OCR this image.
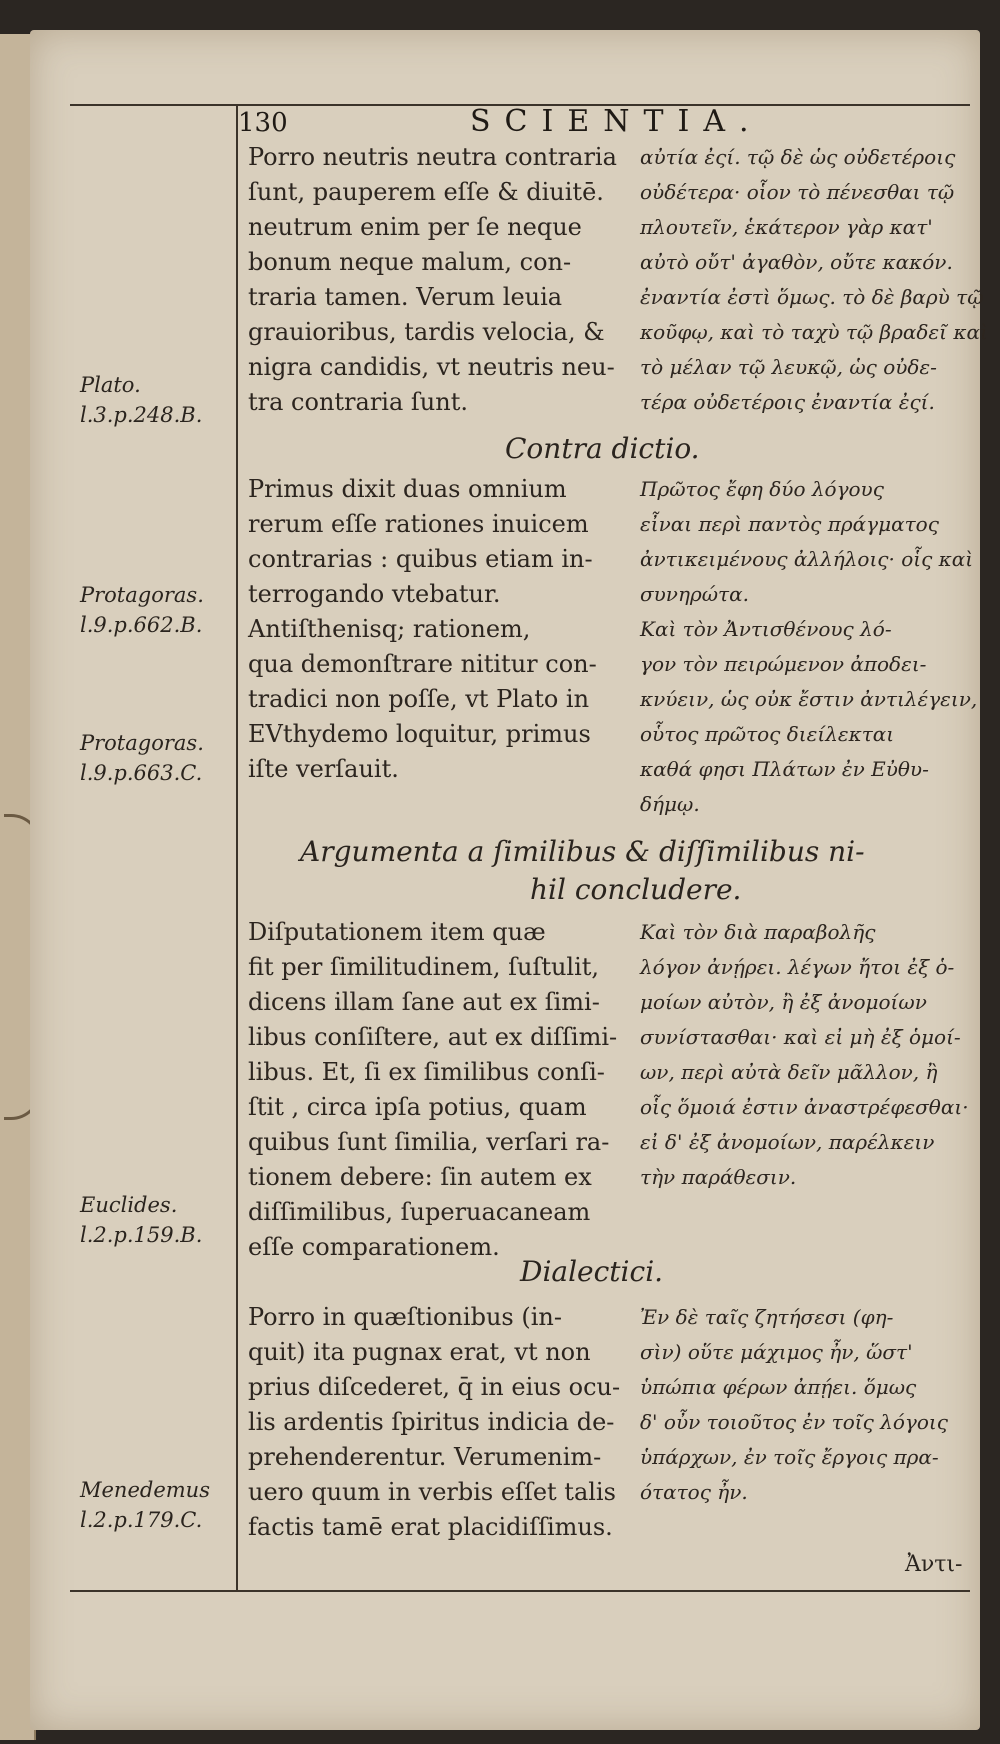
130	SCIENTIA.
Porro neutris neutra contraria
ſunt, pauperem eſſe & diuitē.
neutrum enim per ſe neque
bonum neque malum, con-
traria tamen. Verum leuia
grauioribus, tardis velocia, &
nigra candidis, vt neutris neu-
tra contraria ſunt.
αὐτία ἐςί. τῷ δὲ ὡς οὐδετέροις
οὐδέτερα· οἷον τὸ πένεσθαι τῷ
πλουτεῖν, ἑκάτερον γὰρ κατ'
αὐτὸ οὔτ' ἀγαθὸν, οὔτε κακόν.
ἐναντία ἐστὶ ὅμως. τὸ δὲ βαρὺ τῷ
κοῦφῳ, καὶ τὸ ταχὺ τῷ βραδεῖ καὶ
τὸ μέλαν τῷ λευκῷ, ὡς οὐδε-
τέρα οὐδετέροις ἐναντία ἐςί.
Plato.
l.3.p.248.B.
Contra dictio.
Primus dixit duas omnium
rerum eſſe rationes inuicem
contrarias : quibus etiam in-
terrogando vtebatur.
Antiſthenisq; rationem,
qua demonſtrare nititur con-
tradici non poſſe, vt Plato in
EVthydemo loquitur, primus
iſte verſauit.
Πρῶτος ἔφη δύο λόγους
εἶναι περὶ παντὸς πράγματος
ἀντικειμένους ἀλλήλοις· οἷς καὶ
συνηρώτα.
Καὶ τὸν Ἀντισθένους λό-
γον τὸν πειρώμενον ἀποδει-
κνύειν, ὡς οὐκ ἔστιν ἀντιλέγειν,
οὗτος πρῶτος διείλεκται
καθά φησι Πλάτων ἐν Εὐθυ-
δήμῳ.
Protagoras.
l.9.p.662.B.
Protagoras.
l.9.p.663.C.
Argumenta a ſimilibus & diſſimilibus ni-
hil concludere.
Diſputationem item quæ
fit per ſimilitudinem, ſuſtulit,
dicens illam ſane aut ex ſimi-
libus conſiſtere, aut ex diſſimi-
libus. Et, ſi ex ſimilibus conſi-
ſtit , circa ipſa potius, quam
quibus ſunt ſimilia, verſari ra-
tionem debere: ſin autem ex
diſſimilibus, ſuperuacaneam
eſſe comparationem.
Καὶ τὸν διὰ παραβολῆς
λόγον ἀνῄρει. λέγων ἤτοι ἐξ ὁ-
μοίων αὐτὸν, ἢ ἐξ ἀνομοίων
συνίστασθαι· καὶ εἰ μὴ ἐξ ὁμοί-
ων, περὶ αὐτὰ δεῖν μᾶλλον, ἢ
οἷς ὅμοιά ἐστιν ἀναστρέφεσθαι·
εἰ δ' ἐξ ἀνομοίων, παρέλκειν
τὴν παράθεσιν.
Euclides.
l.2.p.159.B.
Dialectici.
Porro in quæſtionibus (in-
quit) ita pugnax erat, vt non
prius diſcederet, q̄ in eius ocu-
lis ardentis ſpiritus indicia de-
prehenderentur. Verumenim-
uero quum in verbis eſſet talis
factis tamē erat placidiſſimus.
Ἐν δὲ ταῖς ζητήσεσι (φη-
σὶν) οὕτε μάχιμος ἦν, ὥστ'
ὑπώπια φέρων ἀπῄει. ὅμως
δ' οὖν τοιοῦτος ἐν τοῖς λόγοις
ὑπάρχων, ἐν τοῖς ἔργοις πρα-
ότατος ἦν.
Menedemus
l.2.p.179.C.
Ἀντι-
